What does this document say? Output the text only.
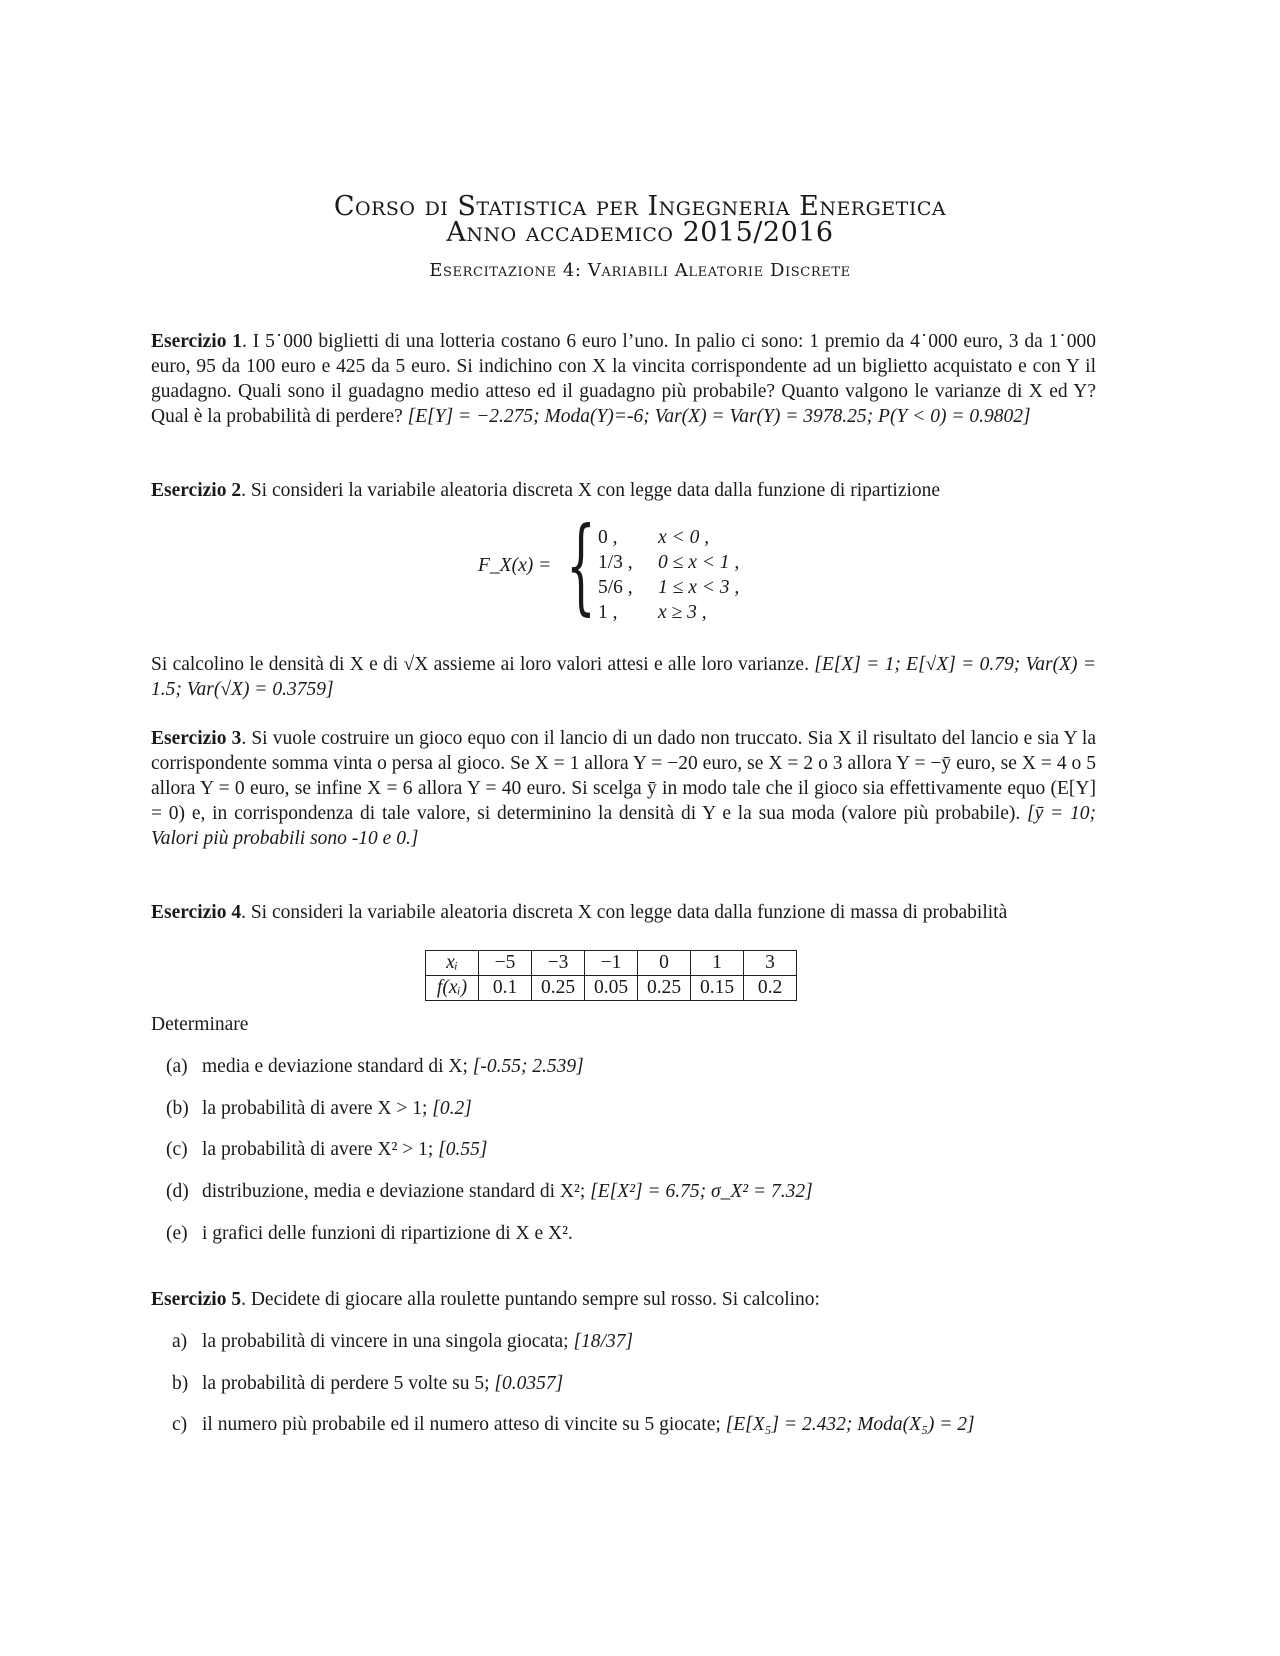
Corso di Statistica per Ingegneria Energetica
Anno accademico 2015/2016
Esercitazione 4: Variabili Aleatorie Discrete

Esercizio 1. I 5˙000 biglietti di una lotteria costano 6 euro l’uno. In palio ci sono: 1 premio da 4˙000 euro, 3 da 1˙000 euro, 95 da 100 euro e 425 da 5 euro. Si indichino con X la vincita corrispondente ad un biglietto acquistato e con Y il guadagno. Quali sono il guadagno medio atteso ed il guadagno più probabile? Quanto valgono le varianze di X ed Y? Qual è la probabilità di perdere? [E[Y] = −2.275; Moda(Y)=-6; Var(X) = Var(Y) = 3978.25; P(Y < 0) = 0.9802]

Esercizio 2. Si consideri la variabile aleatoria discreta X con legge data dalla funzione di ripartizione

F_X(x) = { 0 , x < 0 ,
1/3 , 0 ≤ x < 1 ,
5/6 , 1 ≤ x < 3 ,
1 , x ≥ 3 ,

Si calcolino le densità di X e di √X assieme ai loro valori attesi e alle loro varianze. [E[X] = 1; E[√X] = 0.79; Var(X) = 1.5; Var(√X) = 0.3759]

Esercizio 3. Si vuole costruire un gioco equo con il lancio di un dado non truccato. Sia X il risultato del lancio e sia Y la corrispondente somma vinta o persa al gioco. Se X = 1 allora Y = −20 euro, se X = 2 o 3 allora Y = −ȳ euro, se X = 4 o 5 allora Y = 0 euro, se infine X = 6 allora Y = 40 euro. Si scelga ȳ in modo tale che il gioco sia effettivamente equo (E[Y] = 0) e, in corrispondenza di tale valore, si determinino la densità di Y e la sua moda (valore più probabile). [ȳ = 10; Valori più probabili sono -10 e 0.]

Esercizio 4. Si consideri la variabile aleatoria discreta X con legge data dalla funzione di massa di probabilità

xᵢ	−5	−3	−1	0	1	3
f(xᵢ)	0.1	0.25	0.05	0.25	0.15	0.2
Determinare
(a) media e deviazione standard di X; [-0.55; 2.539]
(b) la probabilità di avere X > 1; [0.2]
(c) la probabilità di avere X² > 1; [0.55]
(d) distribuzione, media e deviazione standard di X²; [E[X²] = 6.75; σ_X² = 7.32]
(e) i grafici delle funzioni di ripartizione di X e X².

Esercizio 5. Decidete di giocare alla roulette puntando sempre sul rosso. Si calcolino:

a) la probabilità di vincere in una singola giocata; [18/37]
b) la probabilità di perdere 5 volte su 5; [0.0357]
c) il numero più probabile ed il numero atteso di vincite su 5 giocate; [E[X₅] = 2.432; Moda(X₅) = 2]
